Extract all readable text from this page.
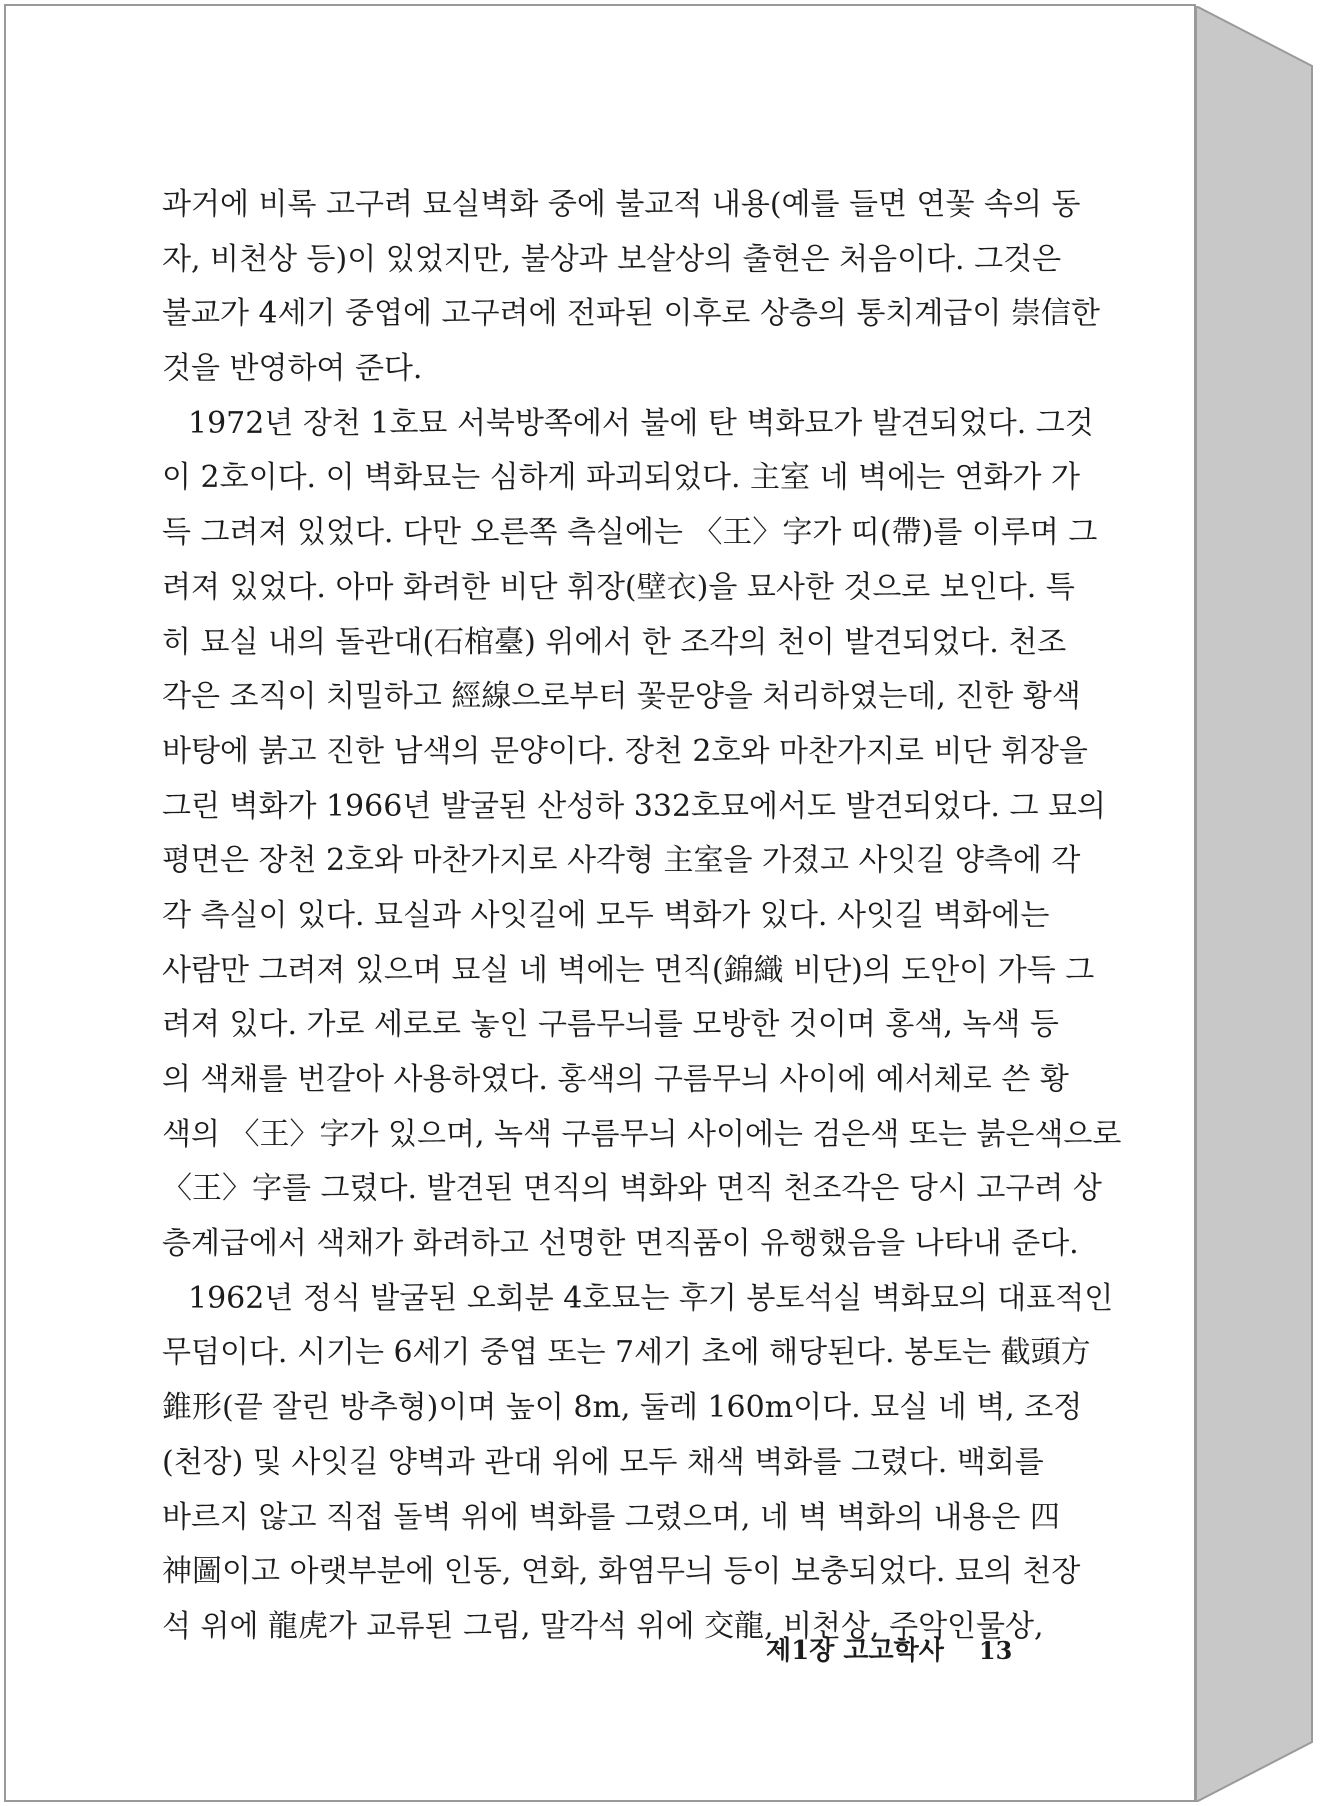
과거에 비록 고구려 묘실벽화 중에 불교적 내용(예를 들면 연꽃 속의 동
자, 비천상 등)이 있었지만, 불상과 보살상의 출현은 처음이다. 그것은
불교가 4세기 중엽에 고구려에 전파된 이후로 상층의 통치계급이 崇信한
것을 반영하여 준다.
1972년 장천 1호묘 서북방쪽에서 불에 탄 벽화묘가 발견되었다. 그것
이 2호이다. 이 벽화묘는 심하게 파괴되었다. 主室 네 벽에는 연화가 가
득 그려져 있었다. 다만 오른쪽 측실에는 〈王〉字가 띠(帶)를 이루며 그
려져 있었다. 아마 화려한 비단 휘장(壁衣)을 묘사한 것으로 보인다. 특
히 묘실 내의 돌관대(石棺臺) 위에서 한 조각의 천이 발견되었다. 천조
각은 조직이 치밀하고 經線으로부터 꽃문양을 처리하였는데, 진한 황색
바탕에 붉고 진한 남색의 문양이다. 장천 2호와 마찬가지로 비단 휘장을
그린 벽화가 1966년 발굴된 산성하 332호묘에서도 발견되었다. 그 묘의
평면은 장천 2호와 마찬가지로 사각형 主室을 가졌고 사잇길 양측에 각
각 측실이 있다. 묘실과 사잇길에 모두 벽화가 있다. 사잇길 벽화에는
사람만 그려져 있으며 묘실 네 벽에는 면직(錦織 비단)의 도안이 가득 그
려져 있다. 가로 세로로 놓인 구름무늬를 모방한 것이며 홍색, 녹색 등
의 색채를 번갈아 사용하였다. 홍색의 구름무늬 사이에 예서체로 쓴 황
색의 〈王〉字가 있으며, 녹색 구름무늬 사이에는 검은색 또는 붉은색으로
〈王〉字를 그렸다. 발견된 면직의 벽화와 면직 천조각은 당시 고구려 상
층계급에서 색채가 화려하고 선명한 면직품이 유행했음을 나타내 준다.
1962년 정식 발굴된 오회분 4호묘는 후기 봉토석실 벽화묘의 대표적인
무덤이다. 시기는 6세기 중엽 또는 7세기 초에 해당된다. 봉토는 截頭方
錐形(끝 잘린 방추형)이며 높이 8m, 둘레 160m이다. 묘실 네 벽, 조정
(천장) 및 사잇길 양벽과 관대 위에 모두 채색 벽화를 그렸다. 백회를
바르지 않고 직접 돌벽 위에 벽화를 그렸으며, 네 벽 벽화의 내용은 四
神圖이고 아랫부분에 인동, 연화, 화염무늬 등이 보충되었다. 묘의 천장
석 위에 龍虎가 교류된 그림, 말각석 위에 交龍, 비천상, 주악인물상,
제1장 고고학사 13
